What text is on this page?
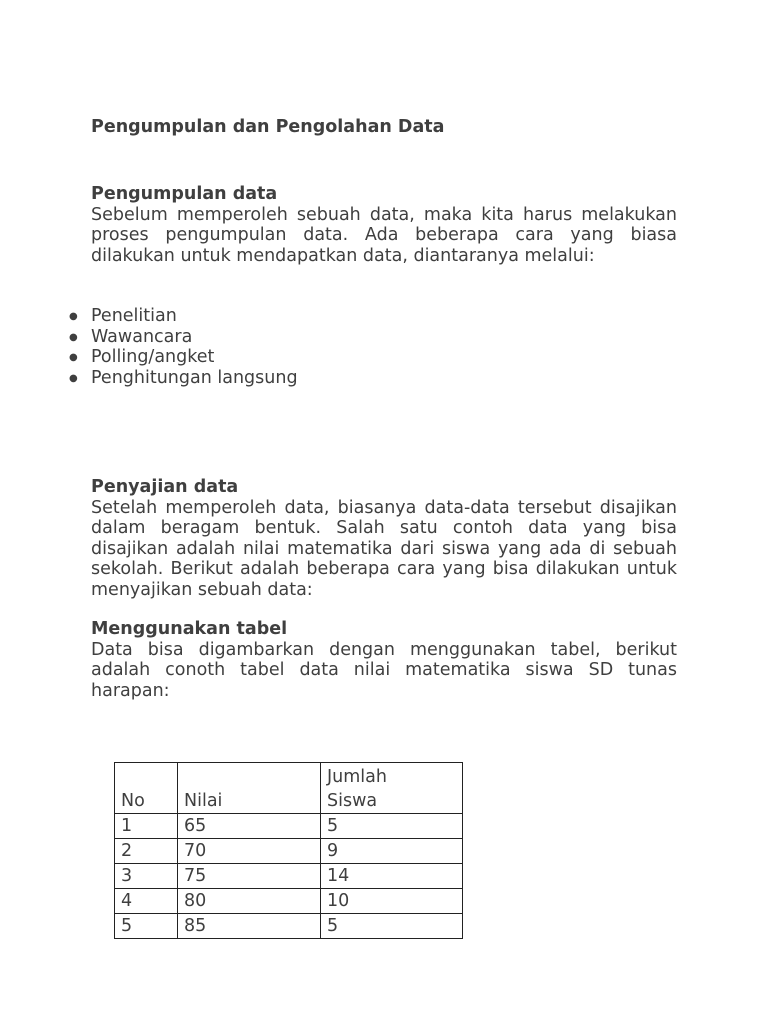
Pengumpulan dan Pengolahan Data
Pengumpulan data

Sebelum memperoleh sebuah data, maka kita harus melakukan proses pengumpulan data. Ada beberapa cara yang biasa dilakukan untuk mendapatkan data, diantaranya melalui:

● Penelitian
● Wawancara
● Polling/angket
● Penghitungan langsung
Penyajian data

Setelah memperoleh data, biasanya data-data tersebut disajikan dalam beragam bentuk. Salah satu contoh data yang bisa disajikan adalah nilai matematika dari siswa yang ada di sebuah sekolah. Berikut adalah beberapa cara yang bisa dilakukan untuk menyajikan sebuah data:

Menggunakan tabel

Data bisa digambarkan dengan menggunakan tabel, berikut adalah conoth tabel data nilai matematika siswa SD tunas harapan:

No	Nilai	Jumlah
Siswa

1	65	5
2	70	9
3	75	14
4	80	10
5	85	5
